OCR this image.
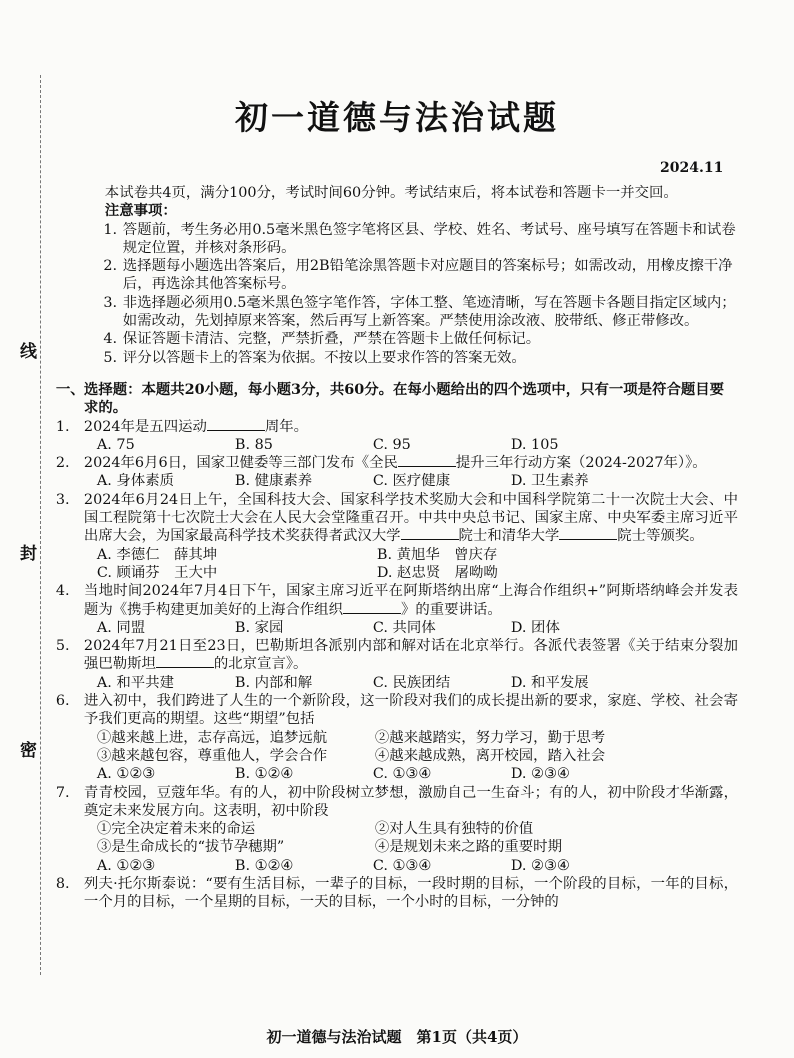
线
封
密
初一道德与法治试题
2024.11
本试卷共4页，满分100分，考试时间60分钟。考试结束后，将本试卷和答题卡一并交回。
注意事项：
1. 答题前，考生务必用0.5毫米黑色签字笔将区县、学校、姓名、考试号、座号填写在答题卡和试卷规定位置，并核对条形码。
2. 选择题每小题选出答案后，用2B铅笔涂黑答题卡对应题目的答案标号；如需改动，用橡皮擦干净后，再选涂其他答案标号。
3. 非选择题必须用0.5毫米黑色签字笔作答，字体工整、笔迹清晰，写在答题卡各题目指定区域内；如需改动，先划掉原来答案，然后再写上新答案。严禁使用涂改液、胶带纸、修正带修改。
4. 保证答题卡清洁、完整，严禁折叠，严禁在答题卡上做任何标记。
5. 评分以答题卡上的答案为依据。不按以上要求作答的答案无效。
一、 选择题：本题共20小题，每小题3分，共60分。在每小题给出的四个选项中，只有一项是符合题目要求的。
1. 2024年是五四运动	周年。
A. 75	B. 85	C. 95	D. 105
2. 2024年6月6日，国家卫健委等三部门发布《全民	提升三年行动方案（2024-2027年）》。
A. 身体素质	B. 健康素养	C. 医疗健康	D. 卫生素养
3. 2024年6月24日上午，全国科技大会、国家科学技术奖励大会和中国科学院第二十一次院士大会、中国工程院第十七次院士大会在人民大会堂隆重召开。中共中央总书记、国家主席、中央军委主席习近平出席大会，为国家最高科学技术奖获得者武汉大学	院士和清华大学	院士等颁奖。
A. 李德仁　薛其坤	B. 黄旭华　曾庆存
C. 顾诵芬　王大中	D. 赵忠贤　屠呦呦
4. 当地时间2024年7月4日下午，国家主席习近平在阿斯塔纳出席“上海合作组织+”阿斯塔纳峰会并发表题为《携手构建更加美好的上海合作组织	》的重要讲话。
A. 同盟	B. 家园	C. 共同体	D. 团体
5. 2024年7月21日至23日，巴勒斯坦各派别内部和解对话在北京举行。各派代表签署《关于结束分裂加强巴勒斯坦	的北京宣言》。
A. 和平共建	B. 内部和解	C. 民族团结	D. 和平发展
6. 进入初中，我们跨进了人生的一个新阶段，这一阶段对我们的成长提出新的要求，家庭、学校、社会寄予我们更高的期望。这些“期望”包括
①越来越上进，志存高远，追梦远航	②越来越踏实，努力学习，勤于思考
③越来越包容，尊重他人，学会合作	④越来越成熟，离开校园，踏入社会
A. ①②③	B. ①②④	C. ①③④	D. ②③④
7. 青青校园，豆蔻年华。有的人，初中阶段树立梦想，激励自己一生奋斗；有的人，初中阶段才华渐露，奠定未来发展方向。这表明，初中阶段
①完全决定着未来的命运	②对人生具有独特的价值
③是生命成长的“拔节孕穗期”	④是规划未来之路的重要时期
A. ①②③	B. ①②④	C. ①③④	D. ②③④
8. 列夫·托尔斯泰说：“要有生活目标，一辈子的目标，一段时期的目标，一个阶段的目标，一年的目标，一个月的目标，一个星期的目标，一天的目标，一个小时的目标，一分钟的
初一道德与法治试题　第1页（共4页）
